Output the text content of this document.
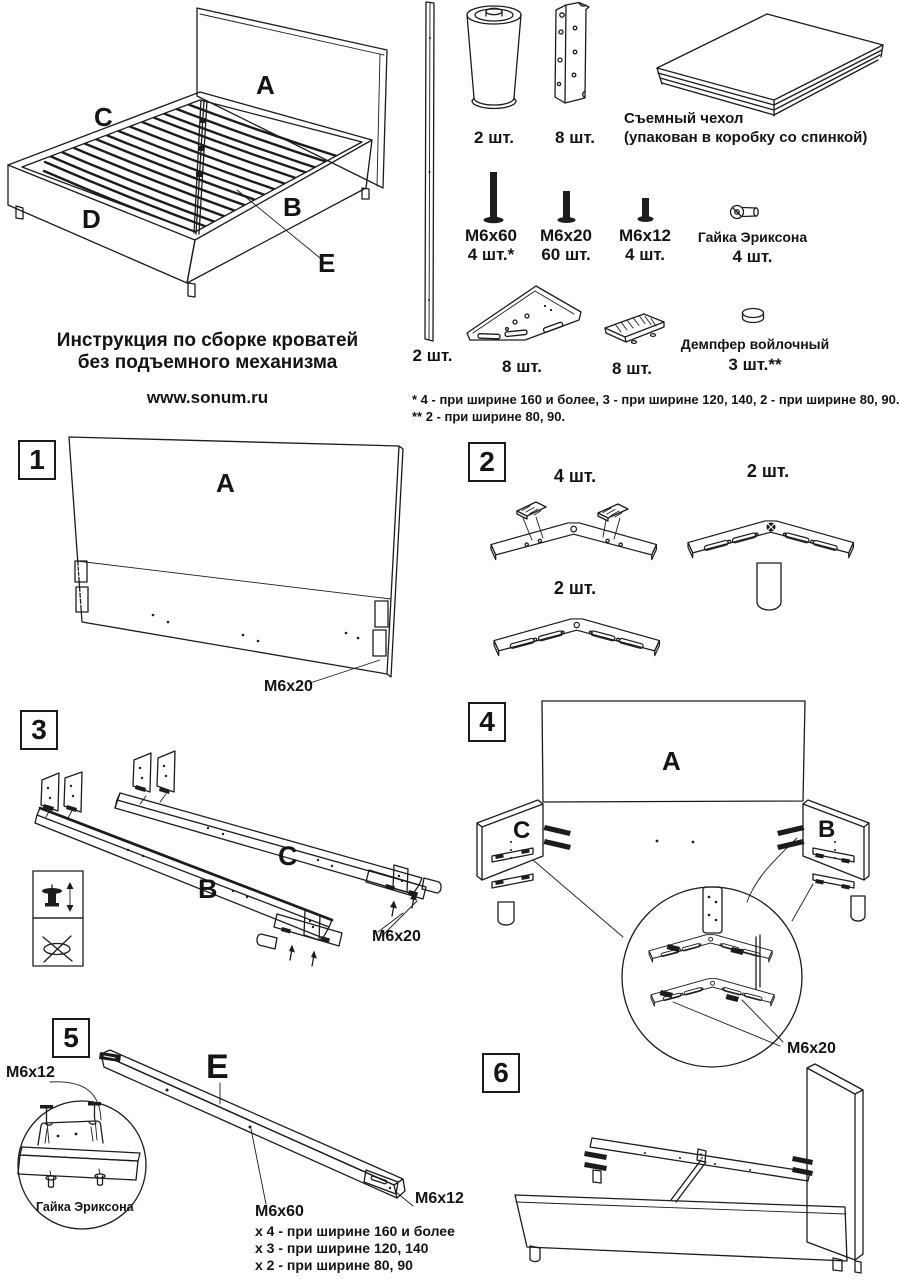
A
C
D	B
E
2 шт.
2 шт.	8 шт.
Съемный чехол
(упакован в коробку со спинкой)
М6х60
4 шт.*
М6х20
60 шт.
М6х12
4 шт.
Гайка Эриксона
4 шт.
8 шт.	8 шт.
Демпфер войлочный
3 шт.**
* 4 - при ширине 160 и более, 3 - при ширине 120, 140, 2 - при ширине 80, 90.
** 2 - при ширине 80, 90.
Инструкция по сборке кроватей
без подъемного механизма
www.sonum.ru
1
A
М6х20
2	4 шт.	2 шт.
2 шт.
3
B
C
М6х20
4
A
C	B
М6х20
5
E
М6х12
М6х12
Гайка Эриксона	М6х60
х 4 - при ширине 160 и более
х 3 - при ширине 120, 140
х 2 - при ширине 80, 90
6
